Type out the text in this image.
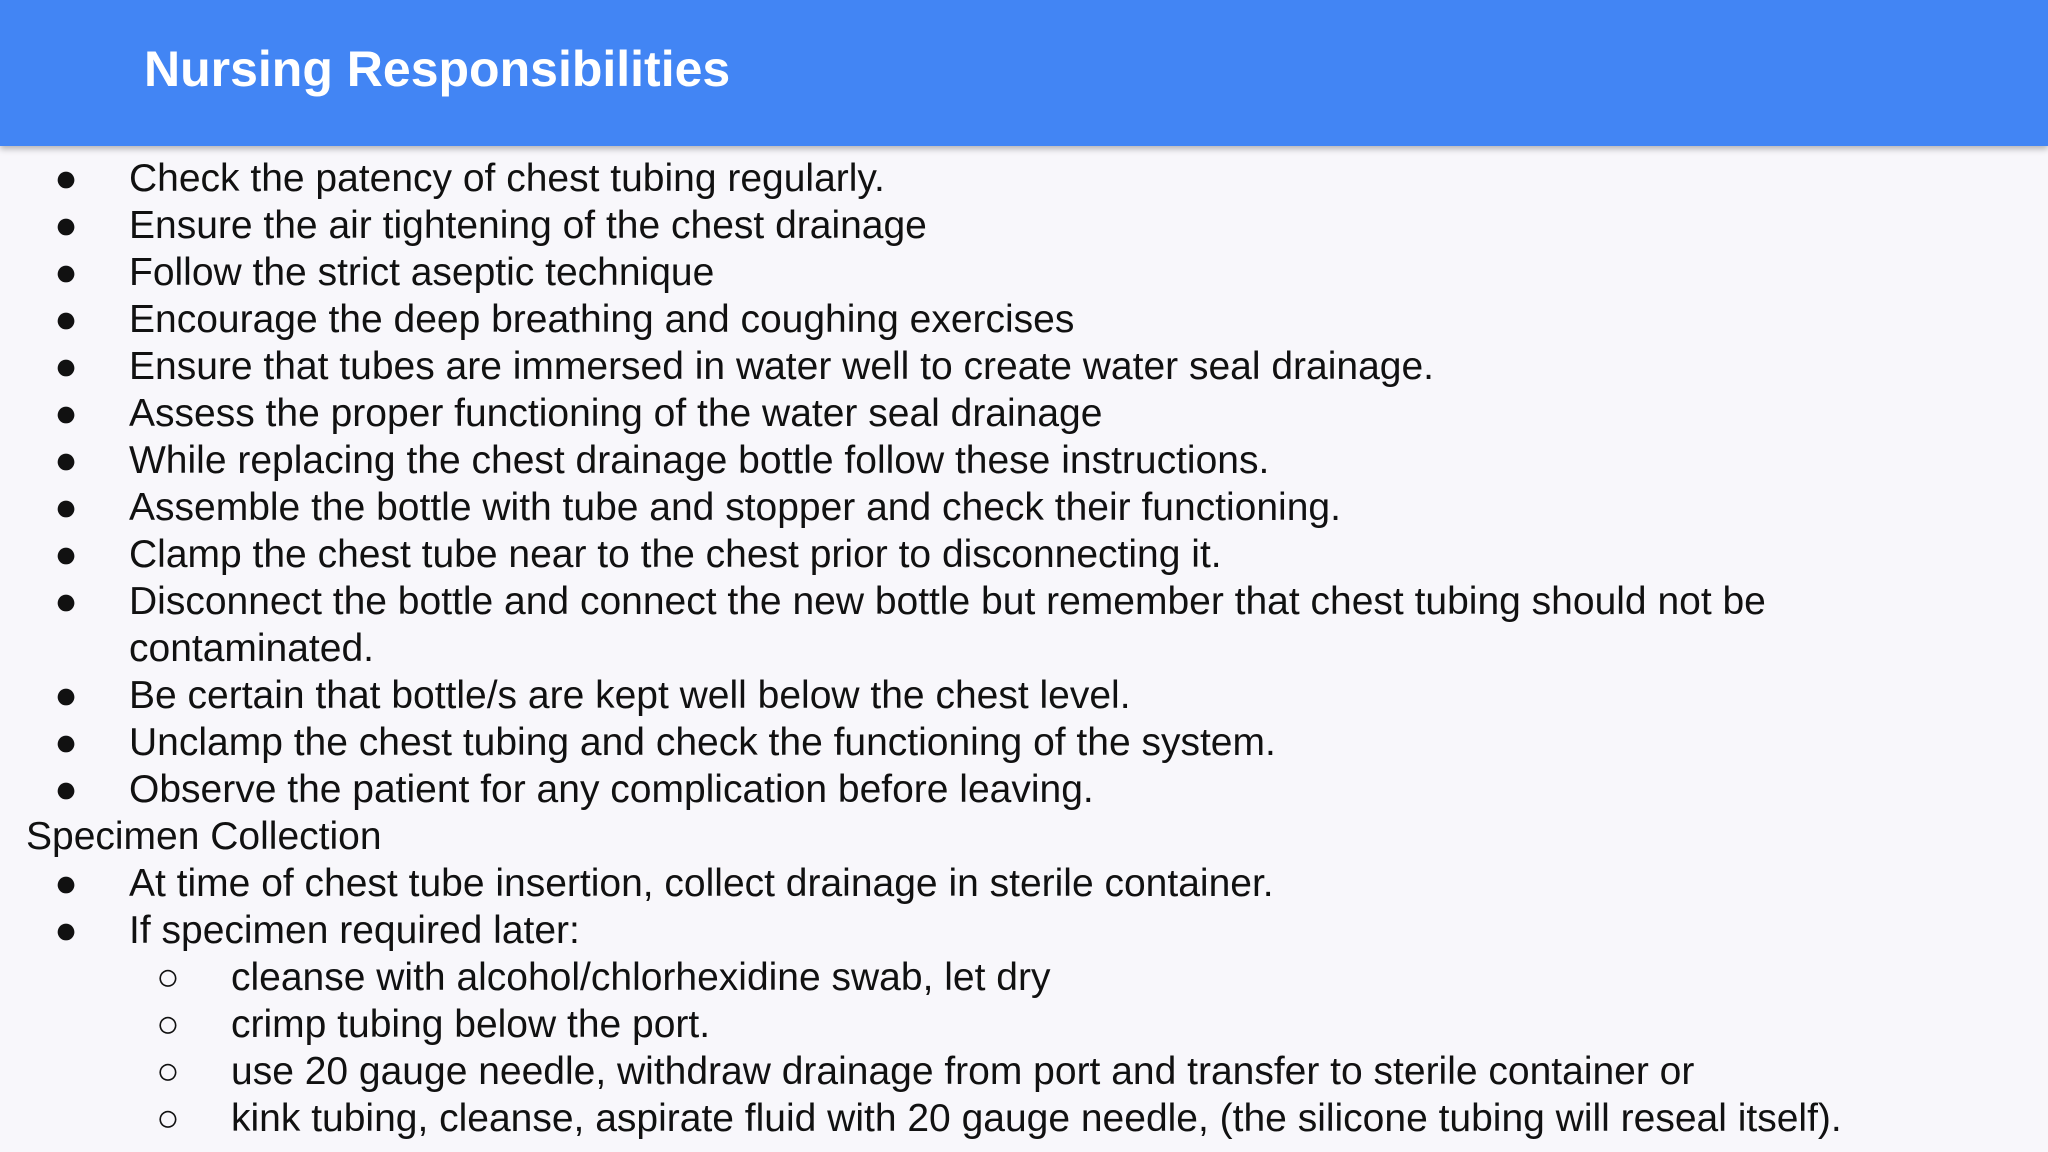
Nursing Responsibilities
● Check the patency of chest tubing regularly.
● Ensure the air tightening of the chest drainage
● Follow the strict aseptic technique
● Encourage the deep breathing and coughing exercises
● Ensure that tubes are immersed in water well to create water seal drainage.
● Assess the proper functioning of the water seal drainage
● While replacing the chest drainage bottle follow these instructions.
● Assemble the bottle with tube and stopper and check their functioning.
● Clamp the chest tube near to the chest prior to disconnecting it.
● Disconnect the bottle and connect the new bottle but remember that chest tubing should not be
contaminated.
● Be certain that bottle/s are kept well below the chest level.
● Unclamp the chest tubing and check the functioning of the system.
● Observe the patient for any complication before leaving.
Specimen Collection
● At time of chest tube insertion, collect drainage in sterile container.
● If specimen required later:
○ cleanse with alcohol/chlorhexidine swab, let dry
○ crimp tubing below the port.
○ use 20 gauge needle, withdraw drainage from port and transfer to sterile container or
○ kink tubing, cleanse, aspirate fluid with 20 gauge needle, (the silicone tubing will reseal itself).
